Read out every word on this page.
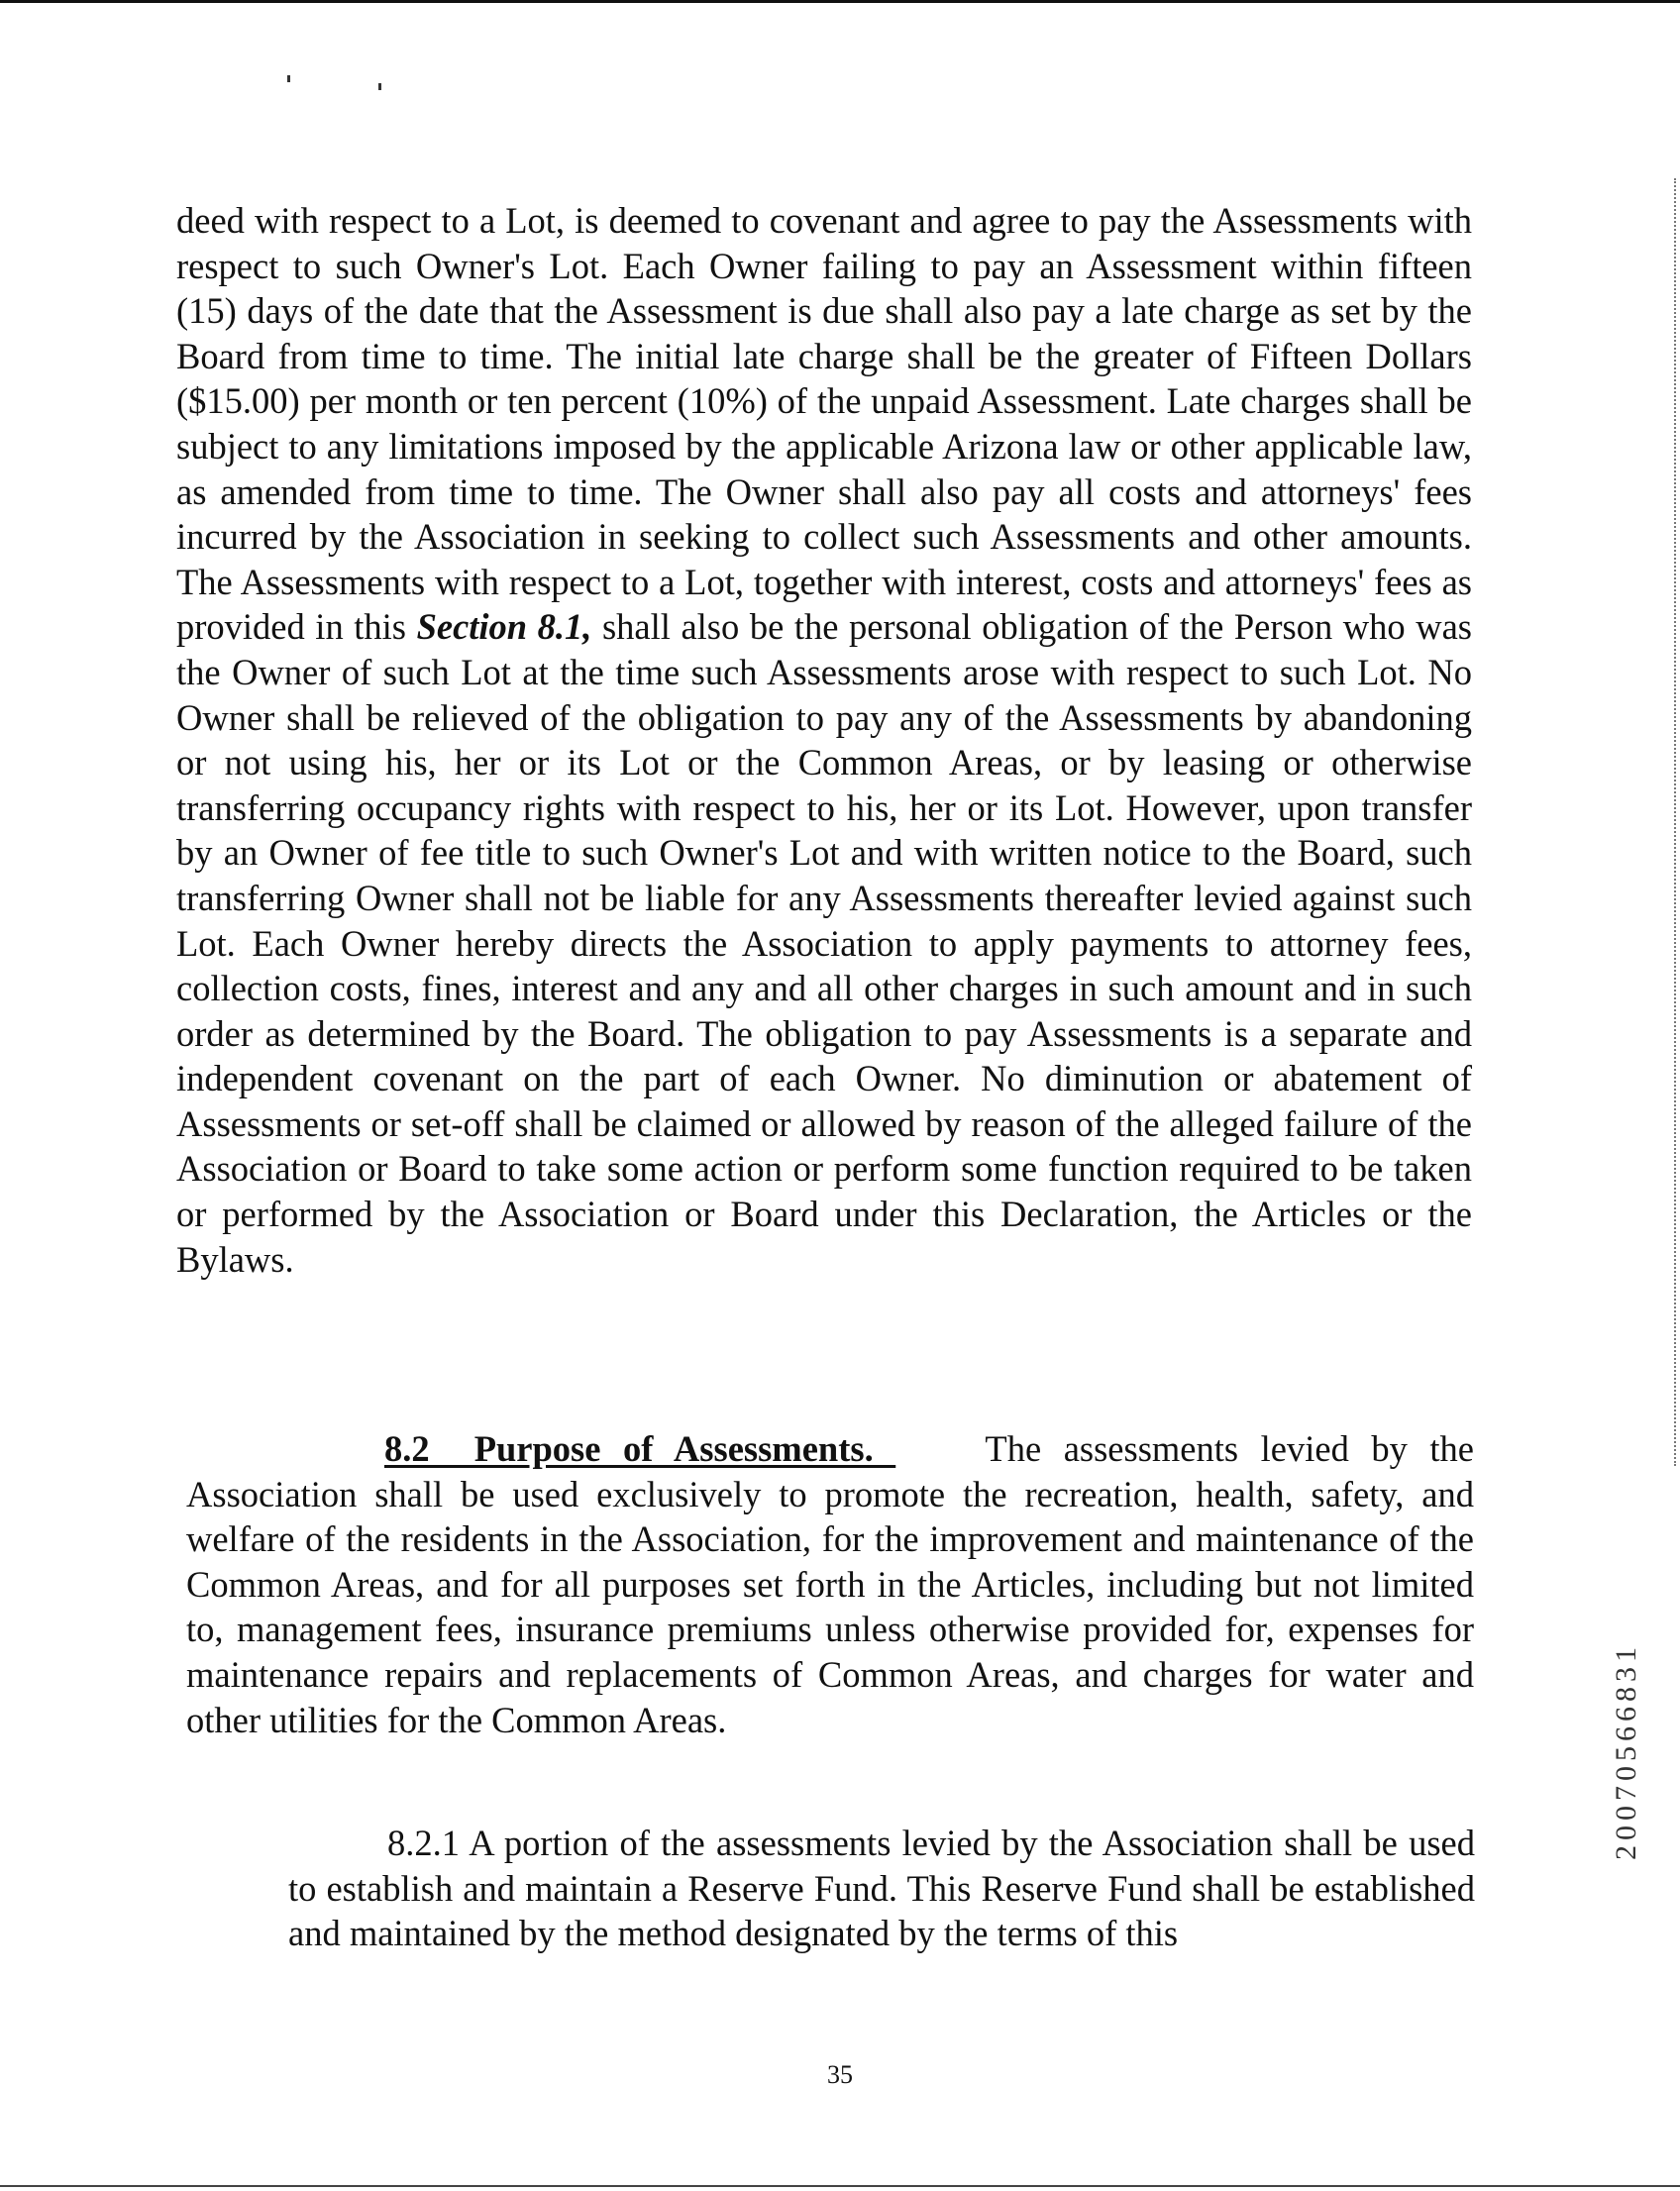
deed with respect to a Lot, is deemed to covenant and agree to pay the Assessments with respect to such Owner's Lot. Each Owner failing to pay an Assessment within fifteen (15) days of the date that the Assessment is due shall also pay a late charge as set by the Board from time to time. The initial late charge shall be the greater of Fifteen Dollars ($15.00) per month or ten percent (10%) of the unpaid Assessment. Late charges shall be subject to any limitations imposed by the applicable Arizona law or other applicable law, as amended from time to time. The Owner shall also pay all costs and attorneys' fees incurred by the Association in seeking to collect such Assessments and other amounts. The Assessments with respect to a Lot, together with interest, costs and attorneys' fees as provided in this Section 8.1, shall also be the personal obligation of the Person who was the Owner of such Lot at the time such Assessments arose with respect to such Lot. No Owner shall be relieved of the obligation to pay any of the Assessments by abandoning or not using his, her or its Lot or the Common Areas, or by leasing or otherwise transferring occupancy rights with respect to his, her or its Lot. However, upon transfer by an Owner of fee title to such Owner's Lot and with written notice to the Board, such transferring Owner shall not be liable for any Assessments thereafter levied against such Lot. Each Owner hereby directs the Association to apply payments to attorney fees, collection costs, fines, interest and any and all other charges in such amount and in such order as determined by the Board. The obligation to pay Assessments is a separate and independent covenant on the part of each Owner. No diminution or abatement of Assessments or set-off shall be claimed or allowed by reason of the alleged failure of the Association or Board to take some action or perform some function required to be taken or performed by the Association or Board under this Declaration, the Articles or the Bylaws.

8.2  Purpose of Assessments.     The assessments levied by the Association shall be used exclusively to promote the recreation, health, safety, and welfare of the residents in the Association, for the improvement and maintenance of the Common Areas, and for all purposes set forth in the Articles, including but not limited to, management fees, insurance premiums unless otherwise provided for, expenses for maintenance repairs and replacements of Common Areas, and charges for water and other utilities for the Common Areas.

8.2.1 A portion of the assessments levied by the Association shall be used to establish and maintain a Reserve Fund. This Reserve Fund shall be established and maintained by the method designated by the terms of this

20070566831
35
